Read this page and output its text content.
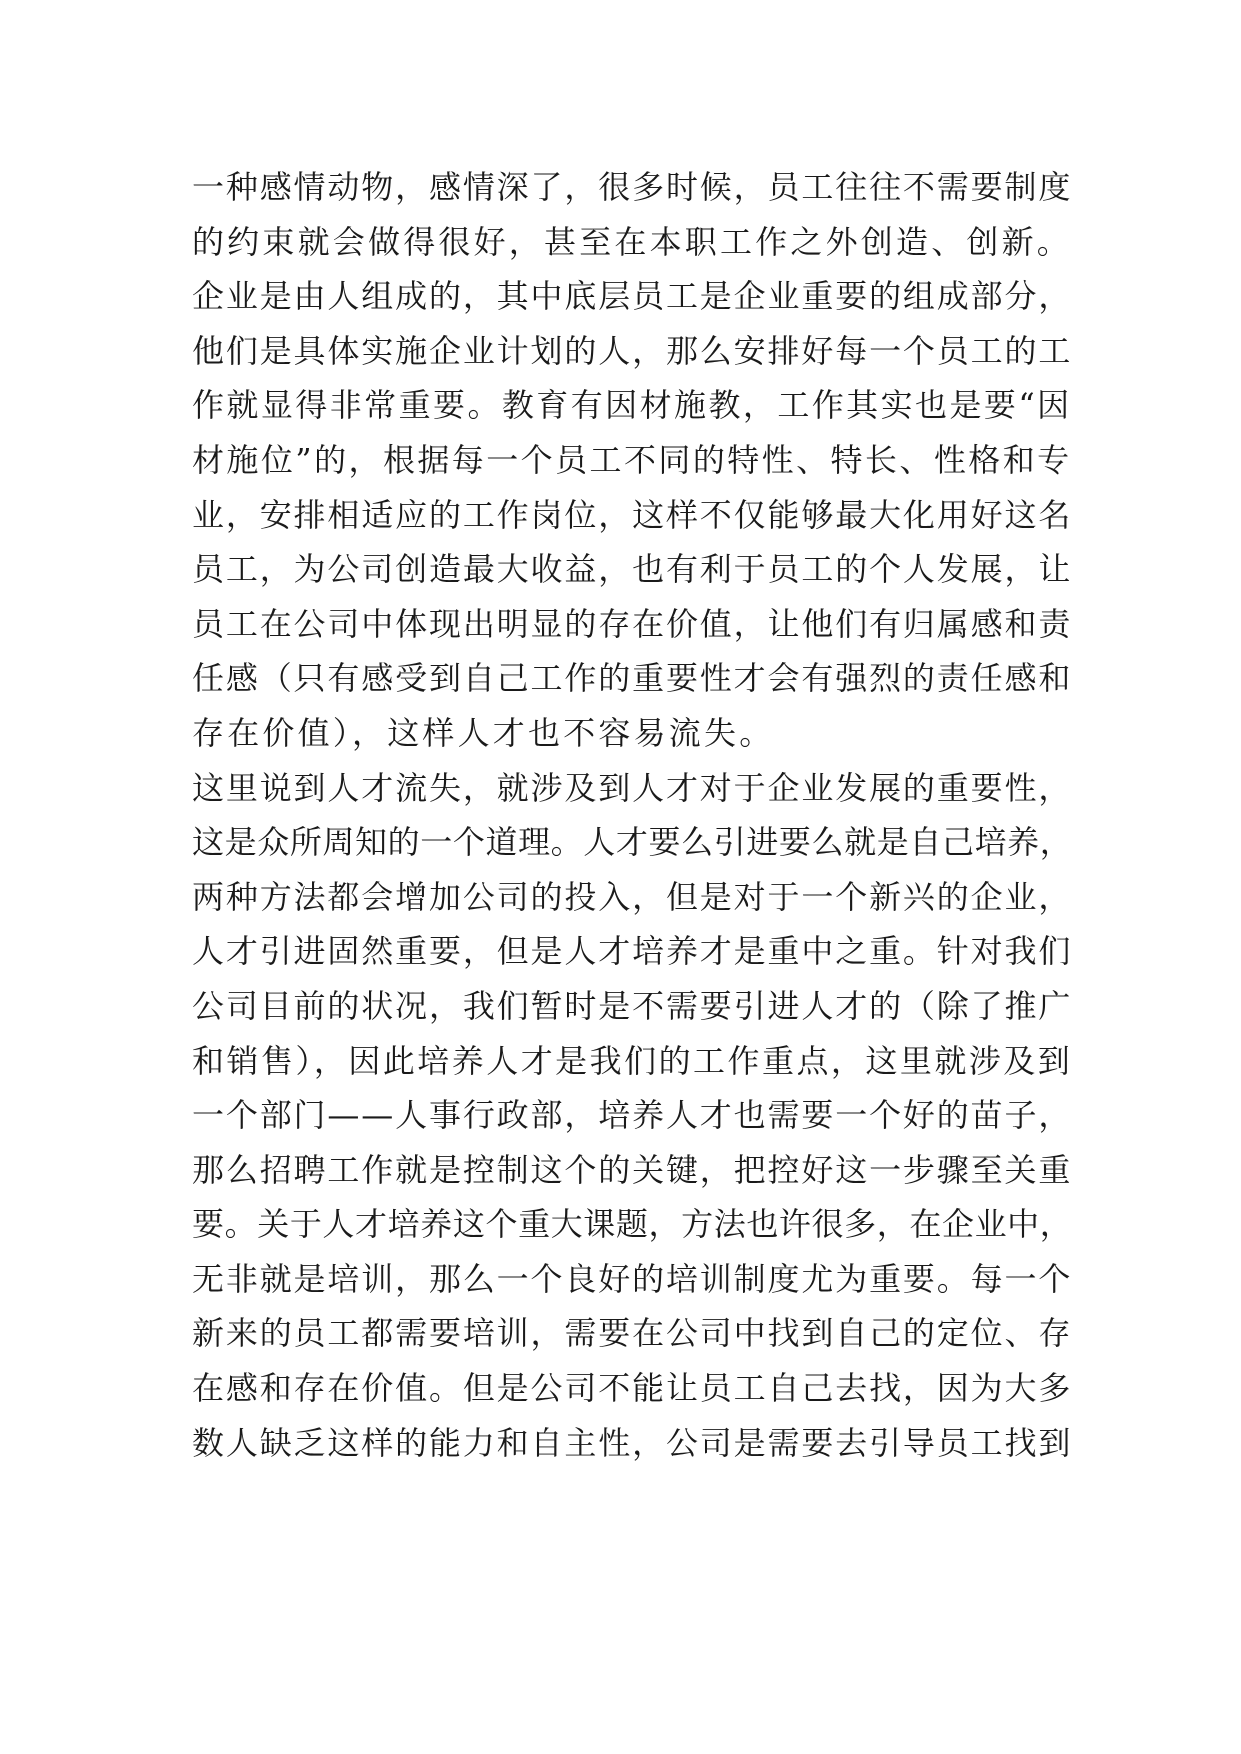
一种感情动物，感情深了，很多时候，员工往往不需要制度
的约束就会做得很好，甚至在本职工作之外创造、创新。
企业是由人组成的，其中底层员工是企业重要的组成部分，
他们是具体实施企业计划的人，那么安排好每一个员工的工
作就显得非常重要。教育有因材施教，工作其实也是要“因
材施位”的，根据每一个员工不同的特性、特长、性格和专
业，安排相适应的工作岗位，这样不仅能够最大化用好这名
员工，为公司创造最大收益，也有利于员工的个人发展，让
员工在公司中体现出明显的存在价值，让他们有归属感和责
任感（只有感受到自己工作的重要性才会有强烈的责任感和
存在价值），这样人才也不容易流失。
这里说到人才流失，就涉及到人才对于企业发展的重要性，
这是众所周知的一个道理。人才要么引进要么就是自己培养，
两种方法都会增加公司的投入，但是对于一个新兴的企业，
人才引进固然重要，但是人才培养才是重中之重。针对我们
公司目前的状况，我们暂时是不需要引进人才的（除了推广
和销售），因此培养人才是我们的工作重点，这里就涉及到
一个部门——人事行政部，培养人才也需要一个好的苗子，
那么招聘工作就是控制这个的关键，把控好这一步骤至关重
要。关于人才培养这个重大课题，方法也许很多，在企业中，
无非就是培训，那么一个良好的培训制度尤为重要。每一个
新来的员工都需要培训，需要在公司中找到自己的定位、存
在感和存在价值。但是公司不能让员工自己去找，因为大多
数人缺乏这样的能力和自主性，公司是需要去引导员工找到
